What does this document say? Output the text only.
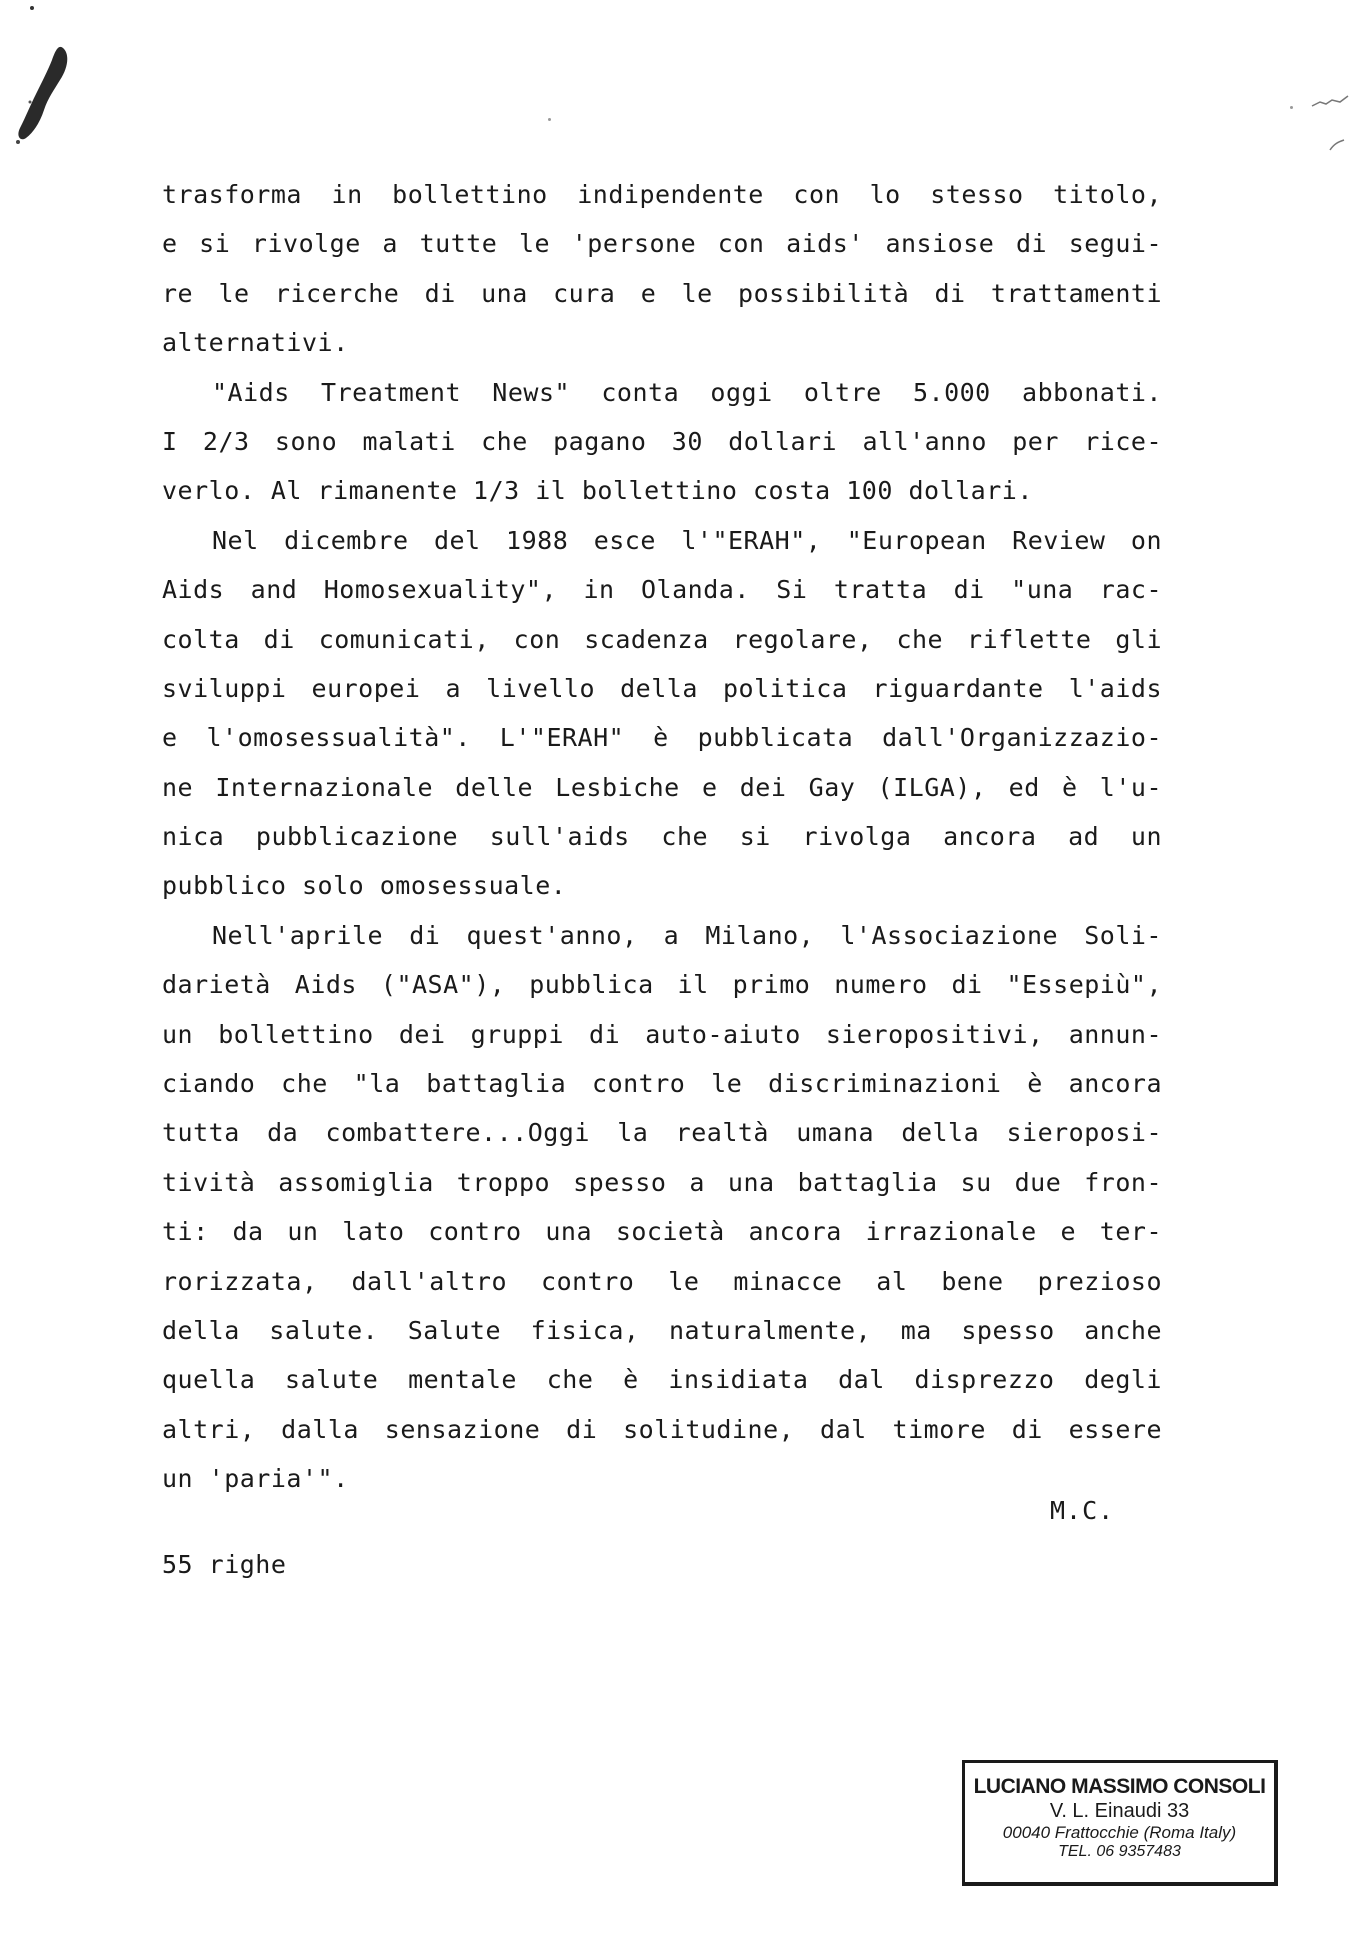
trasforma in bollettino indipendente con lo stesso titolo,
e si rivolge a tutte le 'persone con aids' ansiose di segui-
re le ricerche di una cura e le possibilità di trattamenti
alternativi.
"Aids Treatment News" conta oggi oltre 5.000 abbonati.
I 2/3 sono malati che pagano 30 dollari all'anno per rice-
verlo. Al rimanente 1/3 il bollettino costa 100 dollari.
Nel dicembre del 1988 esce l'"ERAH", "European Review on
Aids and Homosexuality", in Olanda. Si tratta di "una rac-
colta di comunicati, con scadenza regolare, che riflette gli
sviluppi europei a livello della politica riguardante l'aids
e l'omosessualità". L'"ERAH" è pubblicata dall'Organizzazio-
ne Internazionale delle Lesbiche e dei Gay (ILGA), ed è l'u-
nica pubblicazione sull'aids che si rivolga ancora ad un
pubblico solo omosessuale.
Nell'aprile di quest'anno, a Milano, l'Associazione Soli-
darietà Aids ("ASA"), pubblica il primo numero di "Essepiù",
un bollettino dei gruppi di auto-aiuto sieropositivi, annun-
ciando che "la battaglia contro le discriminazioni è ancora
tutta da combattere...Oggi la realtà umana della sieroposi-
tività assomiglia troppo spesso a una battaglia su due fron-
ti: da un lato contro una società ancora irrazionale e ter-
rorizzata, dall'altro contro le minacce al bene prezioso
della salute. Salute fisica, naturalmente, ma spesso anche
quella salute mentale che è insidiata dal disprezzo degli
altri, dalla sensazione di solitudine, dal timore di essere
un 'paria'".
M.C.
55 righe
LUCIANO MASSIMO CONSOLI
V. L. Einaudi 33
00040 Frattocchie (Roma Italy)
TEL. 06 9357483
